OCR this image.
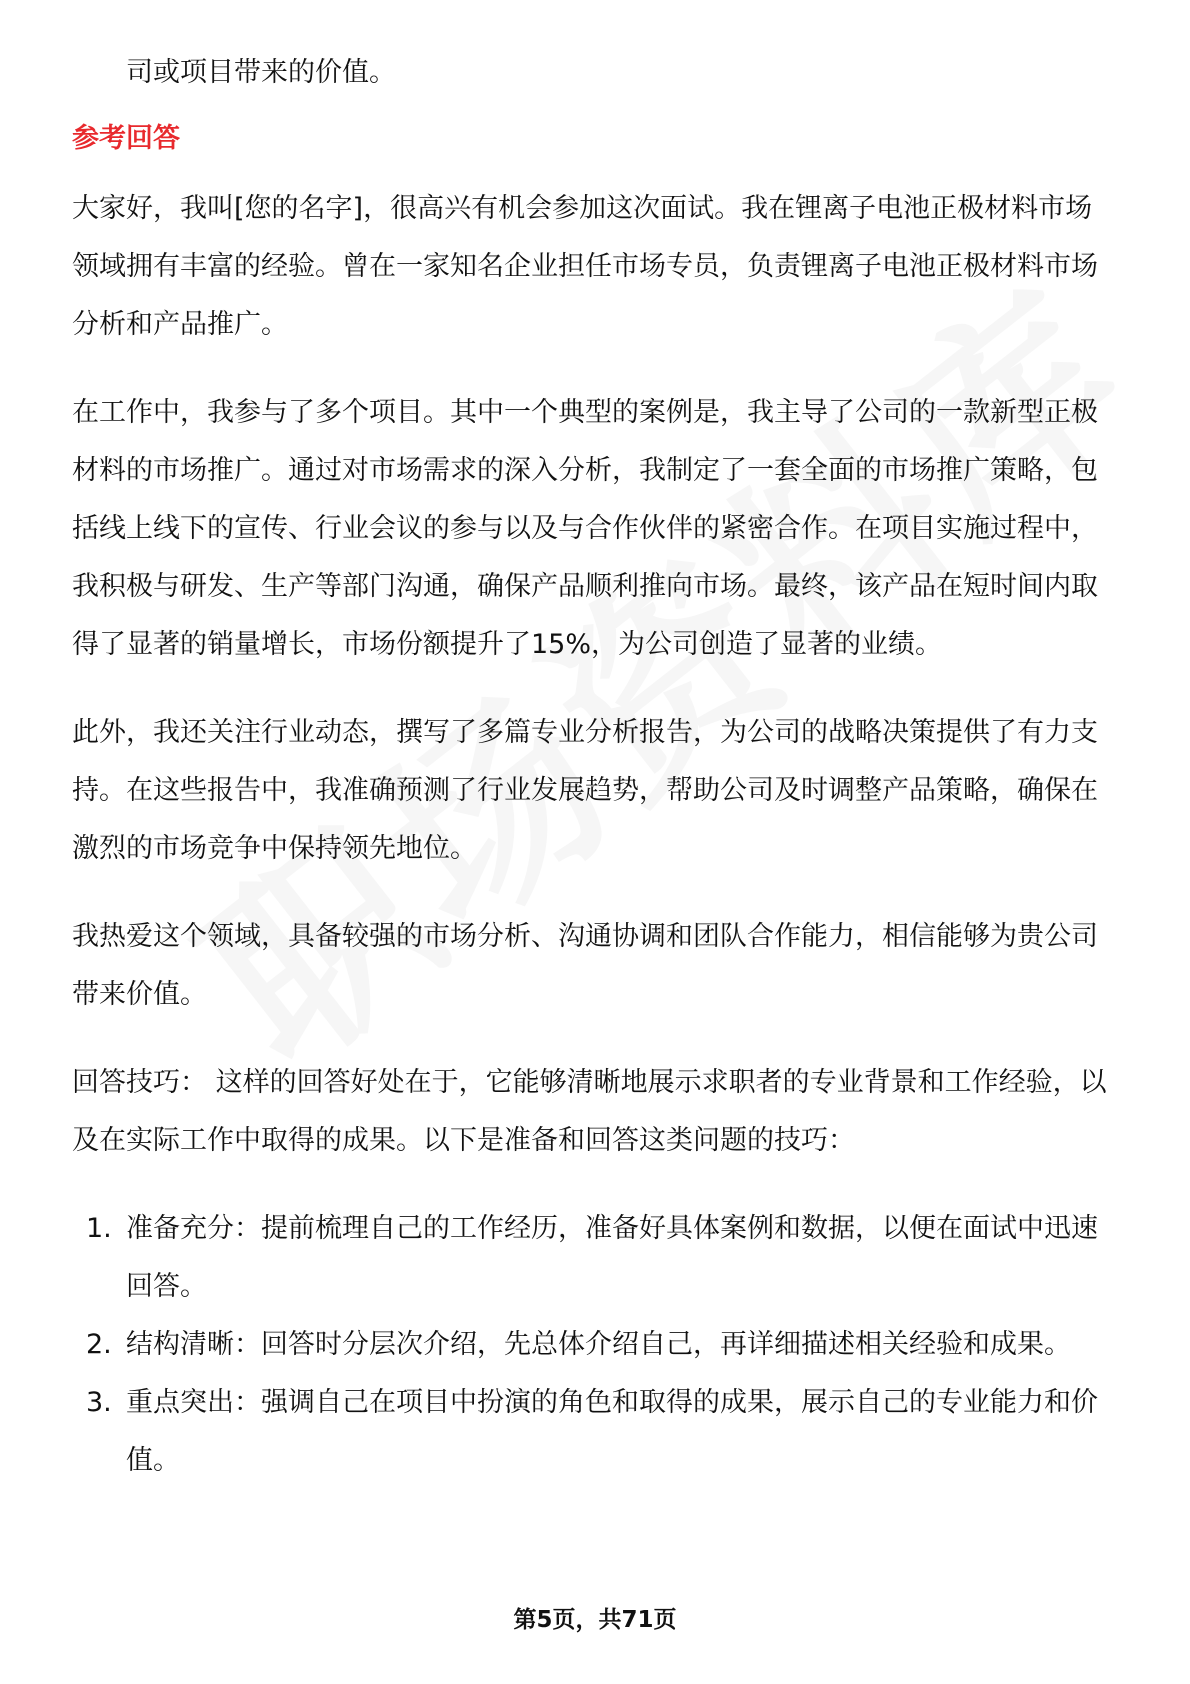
司或项目带来的价值。

参考回答

大家好，我叫[您的名字]，很高兴有机会参加这次面试。我在锂离子电池正极材料市场领域拥有丰富的经验。曾在一家知名企业担任市场专员，负责锂离子电池正极材料市场分析和产品推广。

在工作中，我参与了多个项目。其中一个典型的案例是，我主导了公司的一款新型正极材料的市场推广。通过对市场需求的深入分析，我制定了一套全面的市场推广策略，包括线上线下的宣传、行业会议的参与以及与合作伙伴的紧密合作。在项目实施过程中，我积极与研发、生产等部门沟通，确保产品顺利推向市场。最终，该产品在短时间内取得了显著的销量增长，市场份额提升了15%，为公司创造了显著的业绩。

此外，我还关注行业动态，撰写了多篇专业分析报告，为公司的战略决策提供了有力支持。在这些报告中，我准确预测了行业发展趋势，帮助公司及时调整产品策略，确保在激烈的市场竞争中保持领先地位。

我热爱这个领域，具备较强的市场分析、沟通协调和团队合作能力，相信能够为贵公司带来价值。

回答技巧： 这样的回答好处在于，它能够清晰地展示求职者的专业背景和工作经验，以及在实际工作中取得的成果。以下是准备和回答这类问题的技巧：

1. 准备充分：提前梳理自己的工作经历，准备好具体案例和数据，以便在面试中迅速回答。
2. 结构清晰：回答时分层次介绍，先总体介绍自己，再详细描述相关经验和成果。
3. 重点突出：强调自己在项目中扮演的角色和取得的成果，展示自己的专业能力和价值。
第5页，共71页
